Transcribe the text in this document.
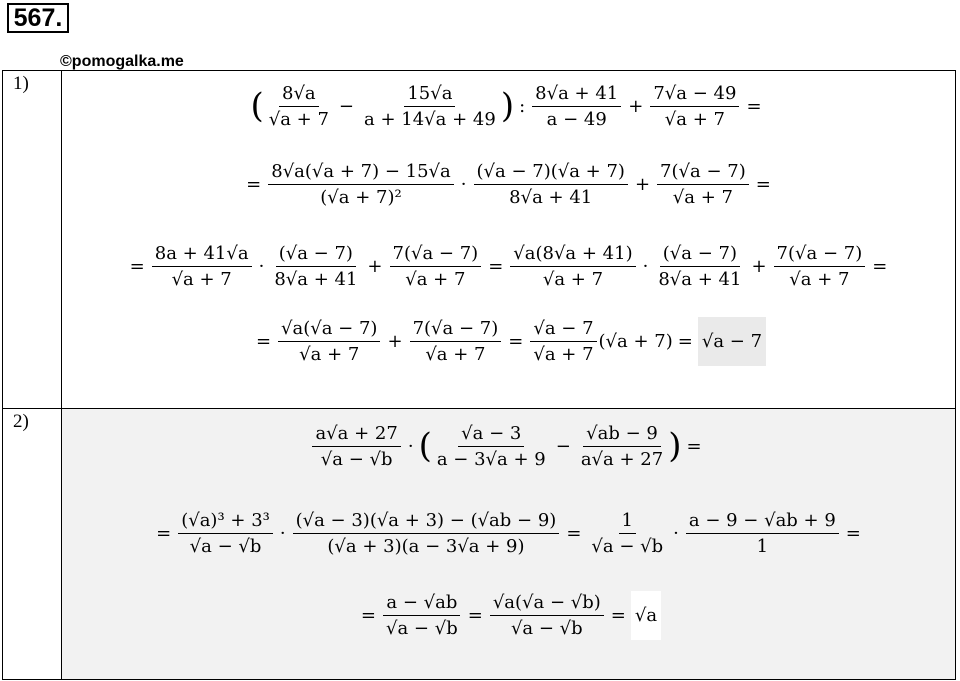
567.
©pomogalka.me
1)
( $\frac{8√a}{√a + 7} - \frac{15√a}{a + 14√a + 49}$ ) : $\frac{8√a + 41}{a - 49} + \frac{7√a - 49}{√a + 7}$ =
= $\frac{8√a(√a + 7) - 15√a}{\text{(√a + 7)²}} \cdot \frac{(√a - 7)(√a + 7)}{8√a + 41} + \frac{7(√a - 7)}{√a + 7}$ =
= $\frac{8a + 41√a}{√a + 7} \cdot \frac{(√a - 7)}{8√a + 41} + \frac{7(√a - 7)}{√a + 7} = \frac{√a(8√a + 41)}{√a + 7} \cdot \frac{(√a - 7)}{8√a + 41} + \frac{7(√a - 7)}{√a + 7}$ =
= $\frac{√a(√a - 7)}{√a + 7} + \frac{7(√a - 7)}{√a + 7} = \frac{√a - 7}{√a + 7} (√a + 7) = √a - 7$
2)
$\frac{a√a + 27}{√a - √b}$ · ( $\frac{√a - 3}{a - 3√a + 9} - \frac{√ab - 9}{a√a + 27}$ ) =
= $\frac{\text{(√a)³ + 3³}}{√a - √b} \cdot \frac{(√a - 3)(√a + 3) - (√ab - 9)}{(√a + 3)(a - 3√a + 9)} = \frac{1}{√a - √b} \cdot \frac{a - 9 - √ab + 9}{1}$ =
= $\frac{a - √ab}{√a - √b} = \frac{√a(√a - √b)}{√a - √b} = √a$
